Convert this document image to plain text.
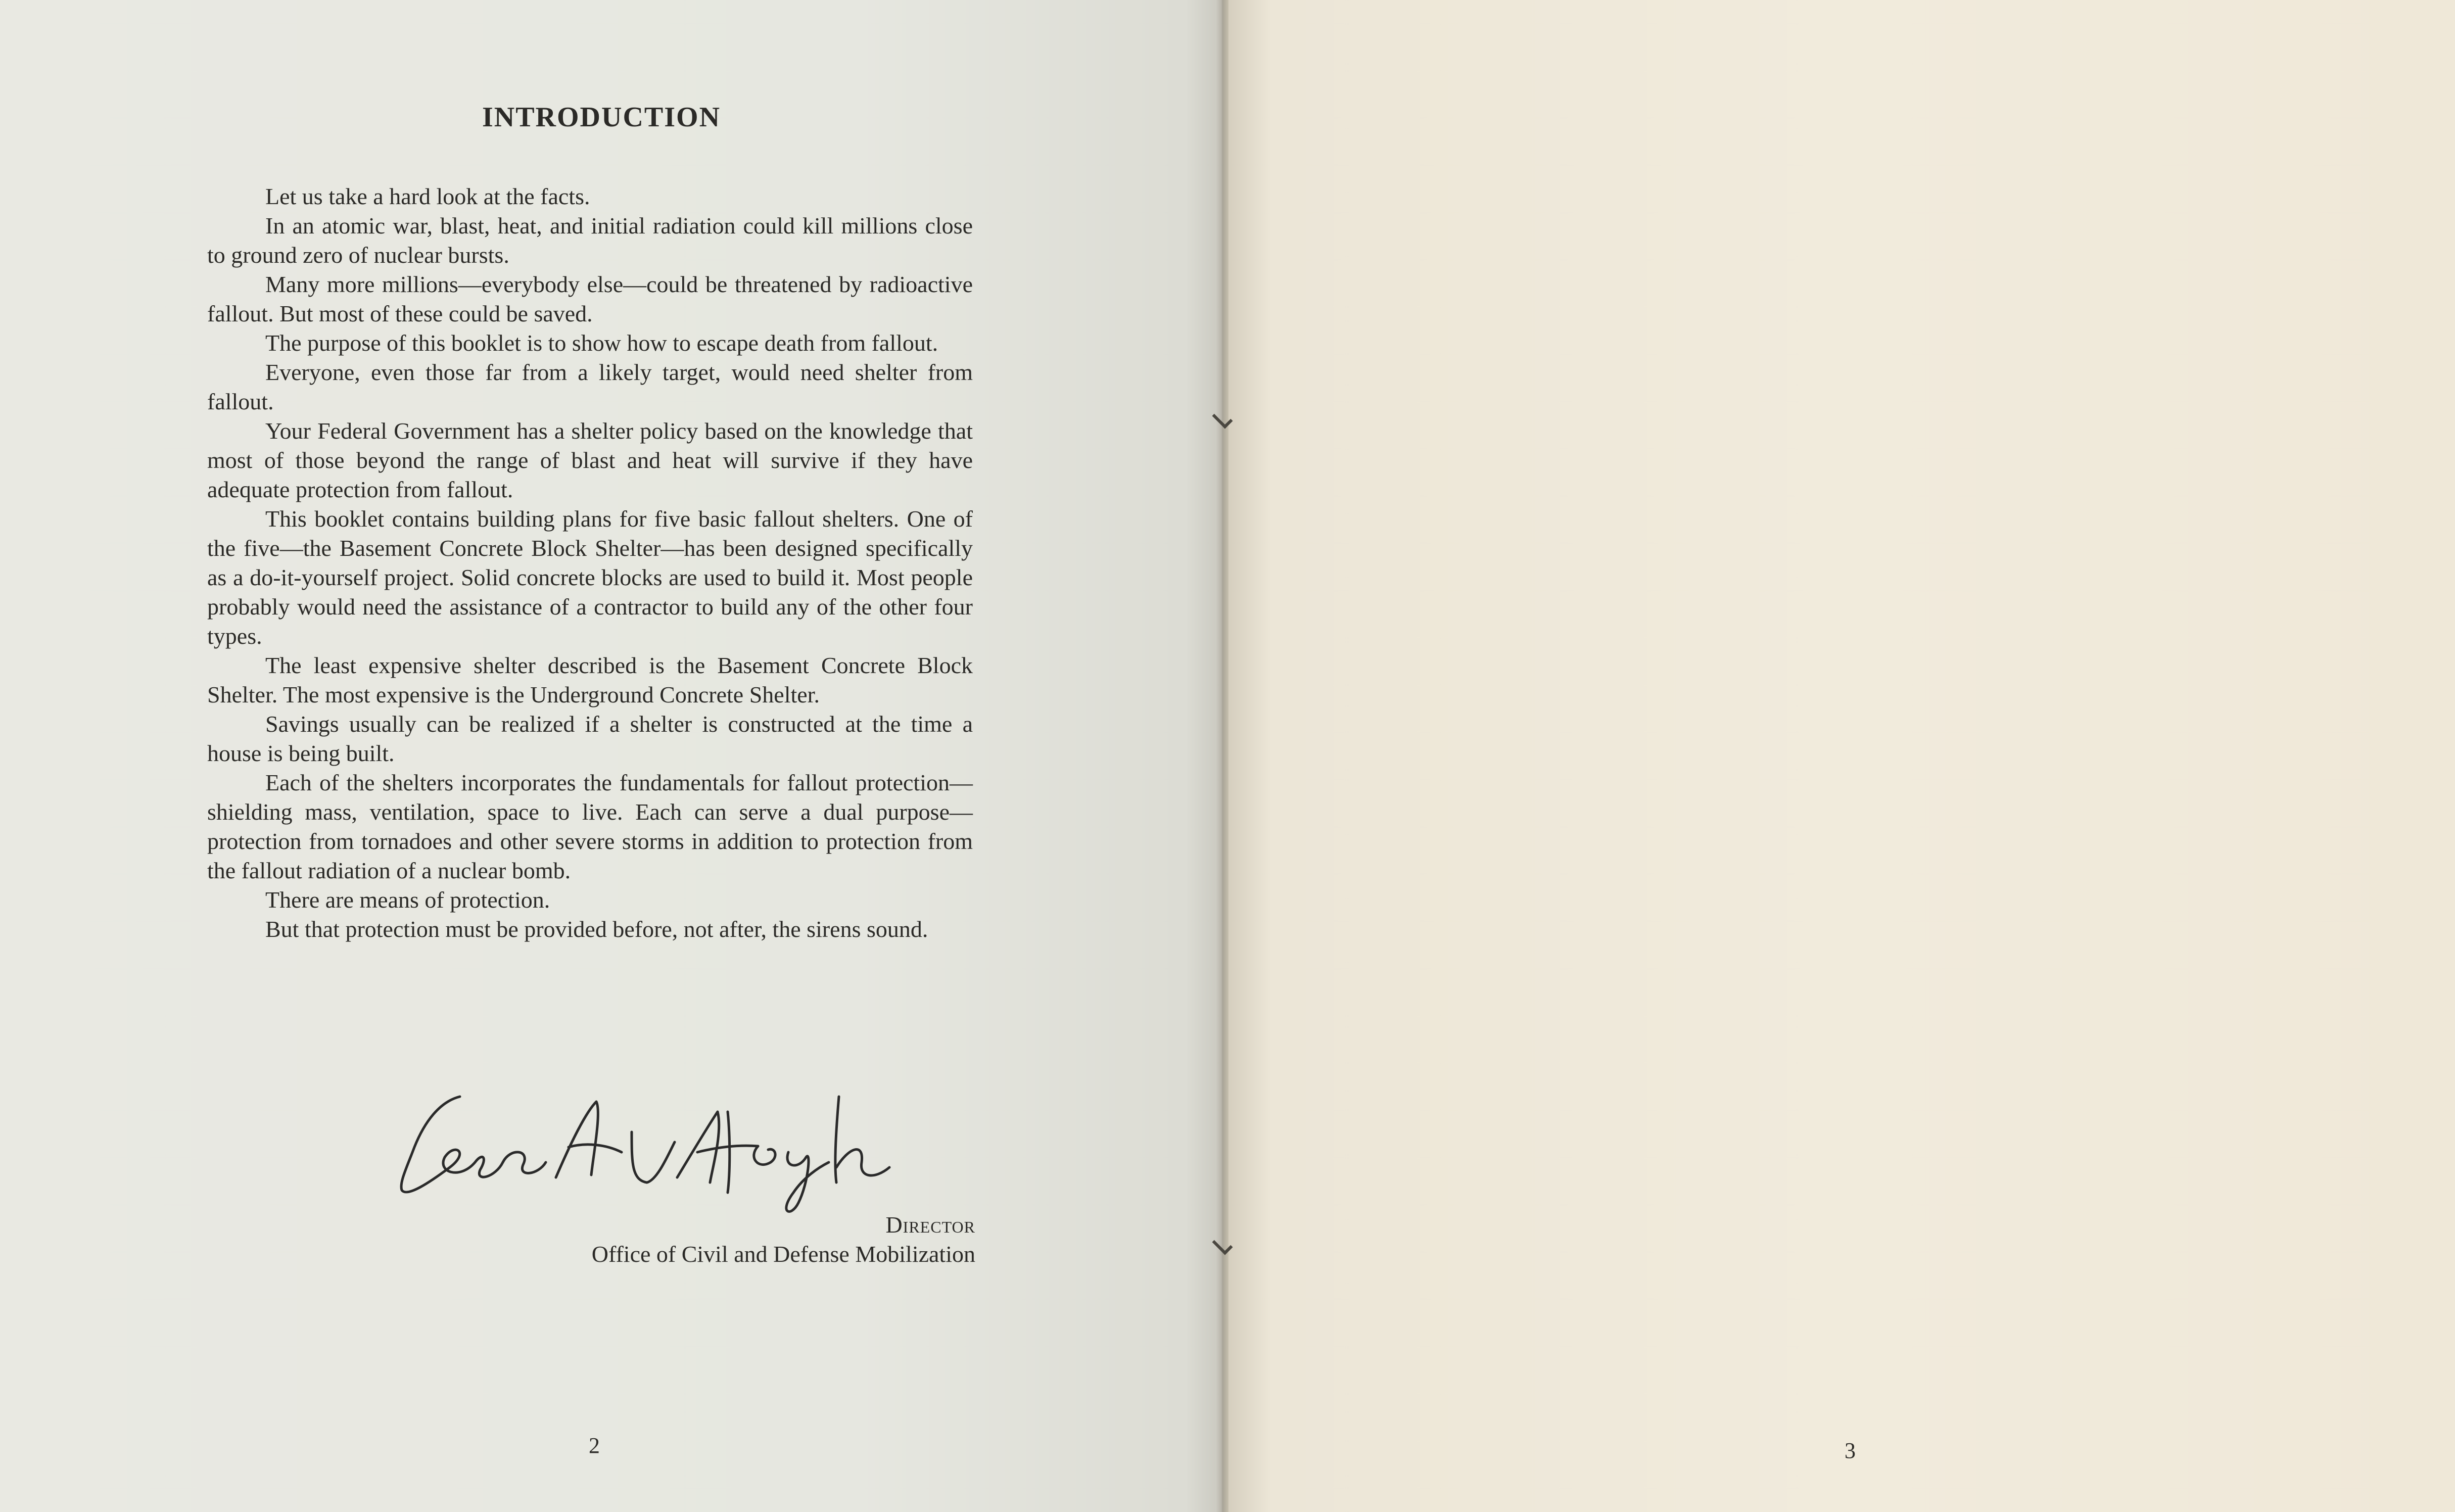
INTRODUCTION

Let us take a hard look at the facts.

In an atomic war, blast, heat, and initial radiation could kill millions close to ground zero of nuclear bursts.

Many more millions—everybody else—could be threatened by radioactive fallout. But most of these could be saved.

The purpose of this booklet is to show how to escape death from fallout.

Everyone, even those far from a likely target, would need shelter from fallout.

Your Federal Government has a shelter policy based on the knowledge that most of those beyond the range of blast and heat will survive if they have adequate protection from fallout.

This booklet contains building plans for five basic fallout shelters. One of the five—the Basement Concrete Block Shelter—has been designed specifically as a do-it-yourself project. Solid concrete blocks are used to build it. Most people probably would need the assistance of a contractor to build any of the other four types.

The least expensive shelter described is the Basement Concrete Block Shelter. The most expensive is the Underground Concrete Shelter.

Savings usually can be realized if a shelter is constructed at the time a house is being built.

Each of the shelters incorporates the fundamentals for fallout protection—shielding mass, ventilation, space to live. Each can serve a dual purpose—protection from tornadoes and other severe storms in addition to protection from the fallout radiation of a nuclear bomb.

There are means of protection.

But that protection must be provided before, not after, the sirens sound.

Director
Office of Civil and Defense Mobilization
2	3
